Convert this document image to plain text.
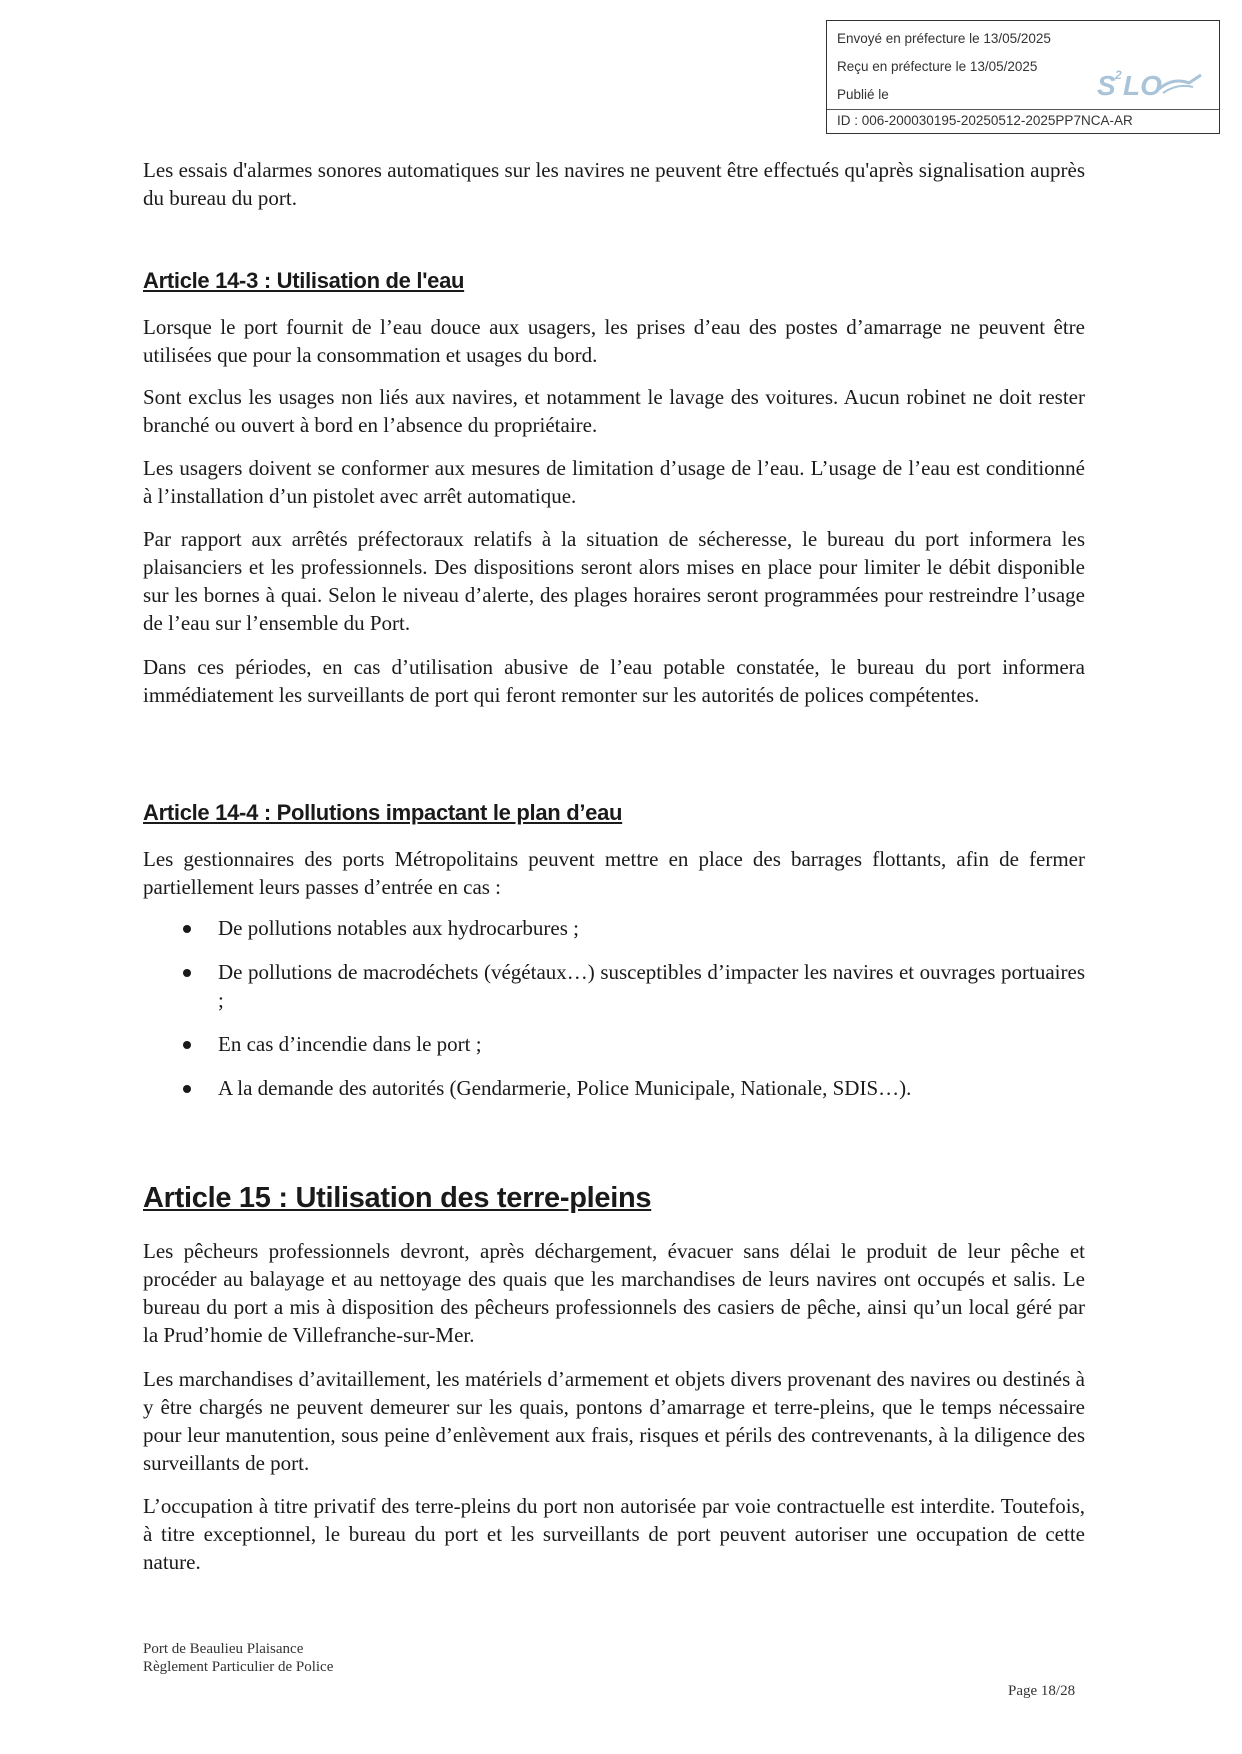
Envoyé en préfecture le 13/05/2025
Reçu en préfecture le 13/05/2025
Publié le
ID : 006-200030195-20250512-2025PP7NCA-AR
S 2 LO

Les essais d'alarmes sonores automatiques sur les navires ne peuvent être effectués qu'après signalisation auprès du bureau du port.

Article 14-3 : Utilisation de l'eau

Lorsque le port fournit de l’eau douce aux usagers, les prises d’eau des postes d’amarrage ne peuvent être utilisées que pour la consommation et usages du bord.

Sont exclus les usages non liés aux navires, et notamment le lavage des voitures. Aucun robinet ne doit rester branché ou ouvert à bord en l’absence du propriétaire.

Les usagers doivent se conformer aux mesures de limitation d’usage de l’eau. L’usage de l’eau est conditionné à l’installation d’un pistolet avec arrêt automatique.

Par rapport aux arrêtés préfectoraux relatifs à la situation de sécheresse, le bureau du port informera les plaisanciers et les professionnels. Des dispositions seront alors mises en place pour limiter le débit disponible sur les bornes à quai. Selon le niveau d’alerte, des plages horaires seront programmées pour restreindre l’usage de l’eau sur l’ensemble du Port.

Dans ces périodes, en cas d’utilisation abusive de l’eau potable constatée, le bureau du port informera immédiatement les surveillants de port qui feront remonter sur les autorités de polices compétentes.

Article 14-4 : Pollutions impactant le plan d’eau

Les gestionnaires des ports Métropolitains peuvent mettre en place des barrages flottants, afin de fermer partiellement leurs passes d’entrée en cas :

De pollutions notables aux hydrocarbures ;
De pollutions de macrodéchets (végétaux…) susceptibles d’impacter les navires et ouvrages portuaires ;
En cas d’incendie dans le port ;
A la demande des autorités (Gendarmerie, Police Municipale, Nationale, SDIS…).
Article 15 : Utilisation des terre-pleins

Les pêcheurs professionnels devront, après déchargement, évacuer sans délai le produit de leur pêche et procéder au balayage et au nettoyage des quais que les marchandises de leurs navires ont occupés et salis. Le bureau du port a mis à disposition des pêcheurs professionnels des casiers de pêche, ainsi qu’un local géré par la Prud’homie de Villefranche-sur-Mer.

Les marchandises d’avitaillement, les matériels d’armement et objets divers provenant des navires ou destinés à y être chargés ne peuvent demeurer sur les quais, pontons d’amarrage et terre-pleins, que le temps nécessaire pour leur manutention, sous peine d’enlèvement aux frais, risques et périls des contrevenants, à la diligence des surveillants de port.

L’occupation à titre privatif des terre-pleins du port non autorisée par voie contractuelle est interdite. Toutefois, à titre exceptionnel, le bureau du port et les surveillants de port peuvent autoriser une occupation de cette nature.

Port de Beaulieu Plaisance
Règlement Particulier de Police
Page 18/28
